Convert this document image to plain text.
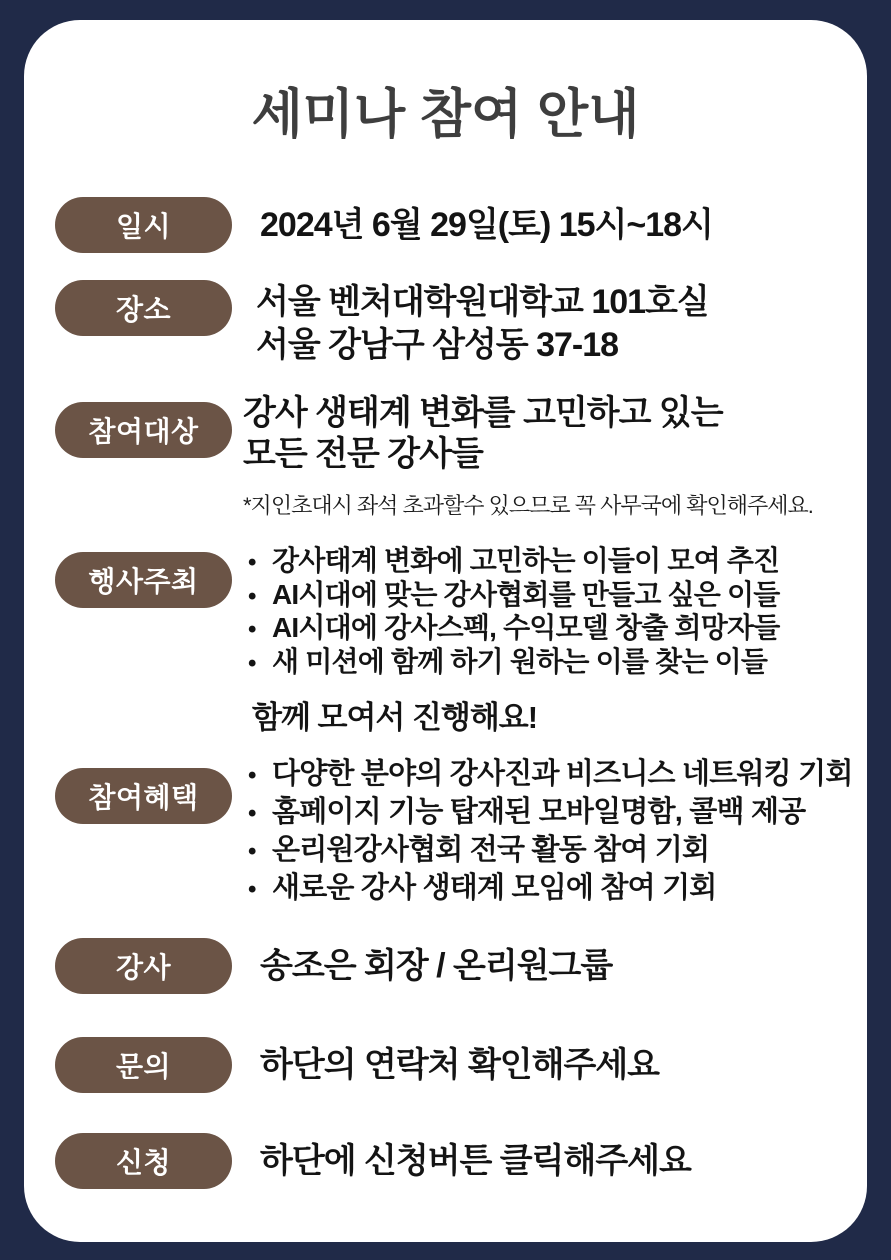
세미나 참여 안내
일시	2024년 6월 29일(토) 15시~18시
장소 서울 벤처대학원대학교 101호실
서울 강남구 삼성동 37-18
참여대상 강사 생태계 변화를 고민하고 있는
모든 전문 강사들
*지인초대시 좌석 초과할수 있으므로 꼭 사무국에 확인해주세요.
행사주최
• 강사태계 변화에 고민하는 이들이 모여 추진
• AI시대에 맞는 강사협회를 만들고 싶은 이들
• AI시대에 강사스펙, 수익모델 창출 희망자들
• 새 미션에 함께 하기 원하는 이를 찾는 이들
함께 모여서 진행해요!
참여혜택
• 다양한 분야의 강사진과 비즈니스 네트워킹 기회
• 홈페이지 기능 탑재된 모바일명함, 콜백 제공
• 온리원강사협회 전국 활동 참여 기회
• 새로운 강사 생태계 모임에 참여 기회
강사	송조은 회장 / 온리원그룹
문의	하단의 연락처 확인해주세요
신청	하단에 신청버튼 클릭해주세요
